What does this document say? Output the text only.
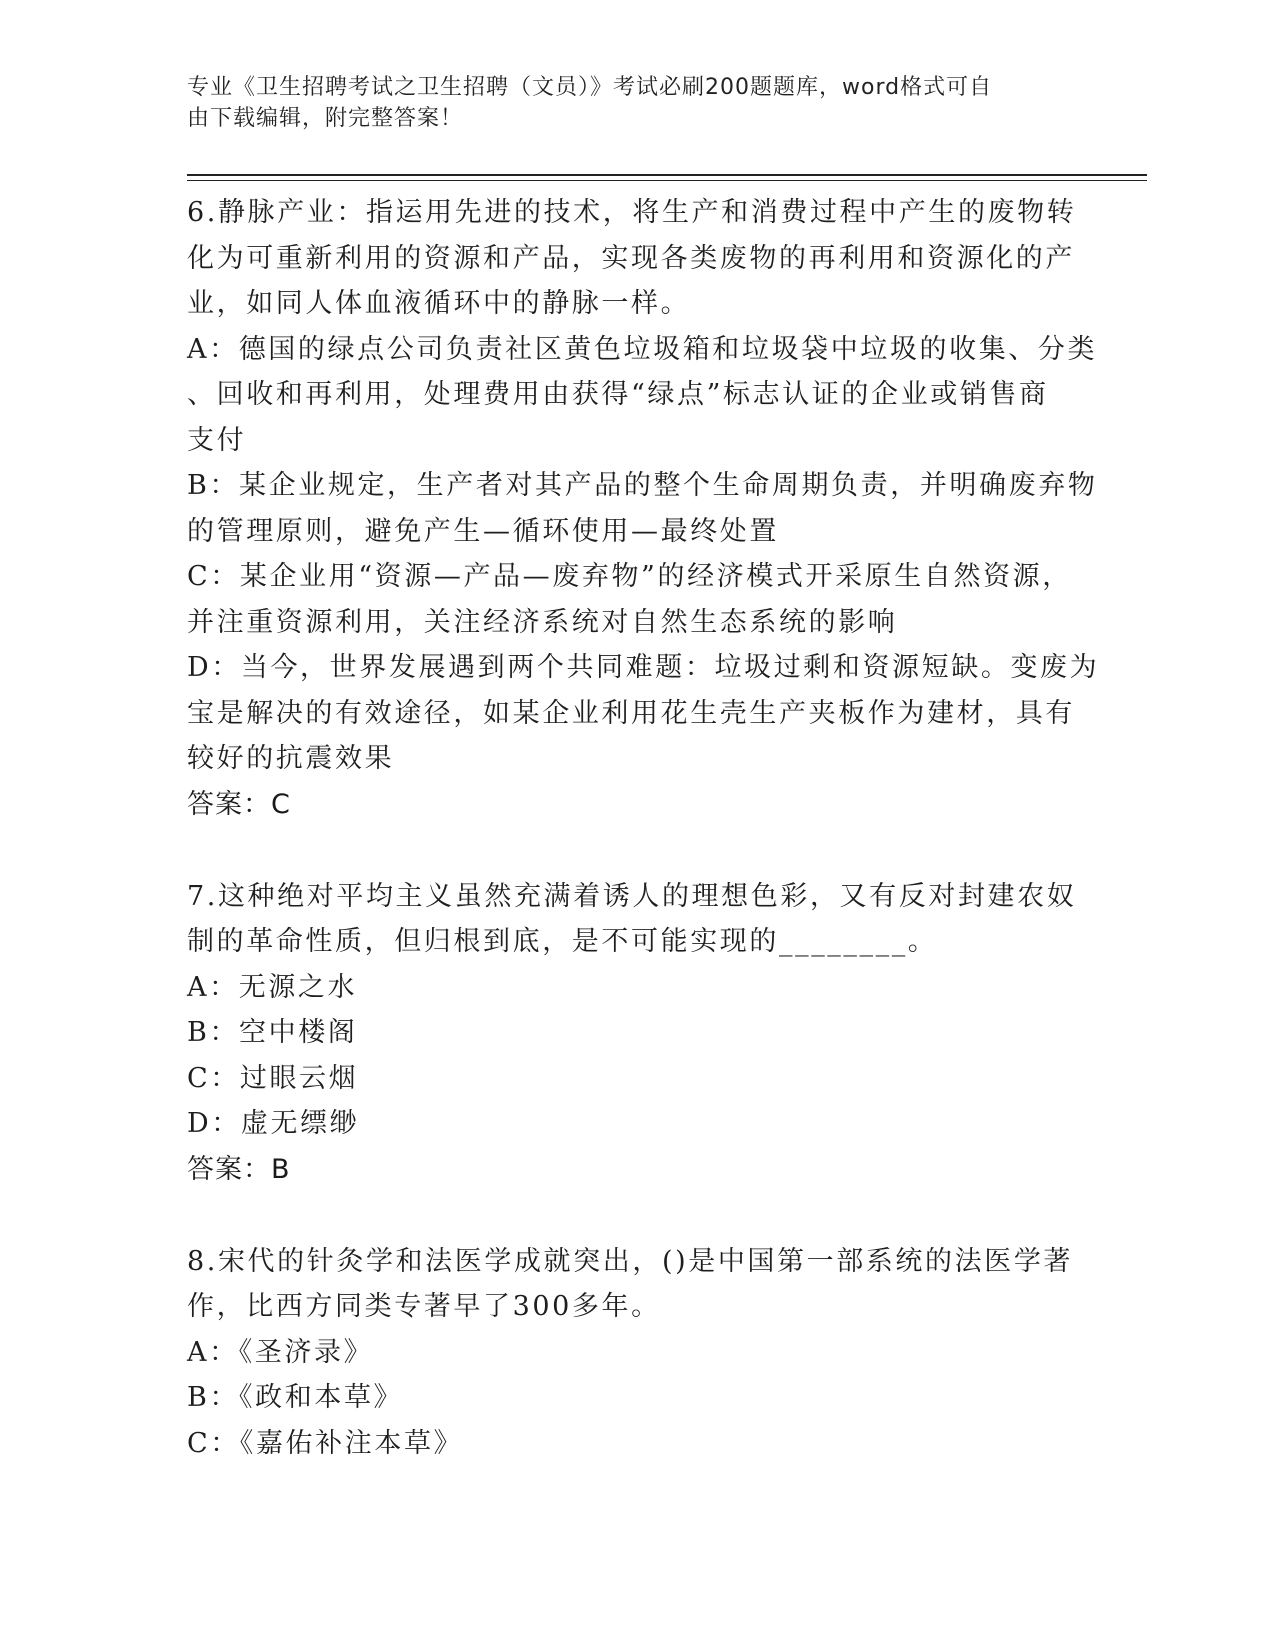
专业《卫生招聘考试之卫生招聘（文员）》考试必刷200题题库，word格式可自
由下载编辑，附完整答案！
6.静脉产业：指运用先进的技术，将生产和消费过程中产生的废物转
化为可重新利用的资源和产品，实现各类废物的再利用和资源化的产
业，如同人体血液循环中的静脉一样。
A：德国的绿点公司负责社区黄色垃圾箱和垃圾袋中垃圾的收集、分类
、回收和再利用，处理费用由获得“绿点”标志认证的企业或销售商
支付
B：某企业规定，生产者对其产品的整个生命周期负责，并明确废弃物
的管理原则，避免产生—循环使用—最终处置
C：某企业用“资源—产品—废弃物”的经济模式开采原生自然资源，
并注重资源利用，关注经济系统对自然生态系统的影响
D：当今，世界发展遇到两个共同难题：垃圾过剩和资源短缺。变废为
宝是解决的有效途径，如某企业利用花生壳生产夹板作为建材，具有
较好的抗震效果
答案：C
7.这种绝对平均主义虽然充满着诱人的理想色彩，又有反对封建农奴
制的革命性质，但归根到底，是不可能实现的________。
A：无源之水
B：空中楼阁
C：过眼云烟
D：虚无缥缈
答案：B
8.宋代的针灸学和法医学成就突出，()是中国第一部系统的法医学著
作，比西方同类专著早了300多年。
A：《圣济录》
B：《政和本草》
C：《嘉佑补注本草》
